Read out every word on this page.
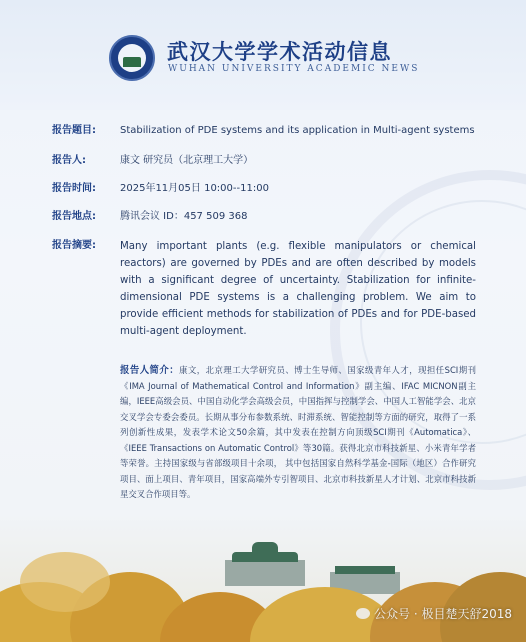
武汉大学学术活动信息
WUHAN UNIVERSITY ACADEMIC NEWS
报告题目:	Stabilization of PDE systems and its application in Multi-agent systems
报告人:	康文 研究员（北京理工大学）
报告时间:	2025年11月05日 10:00--11:00
报告地点:	腾讯会议 ID：457 509 368
报告摘要:	Many important plants (e.g. flexible manipulators or chemical reactors) are governed by PDEs and are often described by models with a significant degree of uncertainty. Stabilization for infinite-dimensional PDE systems is a challenging problem. We aim to provide efficient methods for stabilization of PDEs and for PDE-based multi-agent deployment.
报告人简介：康文，北京理工大学研究员、博士生导师、国家级青年人才，现担任SCI期刊《IMA Journal of Mathematical Control and Information》副主编、IFAC MICNON副主编，IEEE高级会员、中国自动化学会高级会员，中国指挥与控制学会、中国人工智能学会、北京交叉学会专委会委员。长期从事分布参数系统、时滞系统、智能控制等方面的研究，取得了一系列创新性成果，发表学术论文50余篇，其中发表在控制方向顶级SCI期刊《Automatica》、《IEEE Transactions on Automatic Control》等30篇。获得北京市科技新星、小米青年学者等荣誉。主持国家级与省部级项目十余项， 其中包括国家自然科学基金-国际（地区）合作研究项目、面上项目、青年项目，国家高端外专引智项目、北京市科技新星人才计划、北京市科技新星交叉合作项目等。
公众号 · 极目楚天舒2018
